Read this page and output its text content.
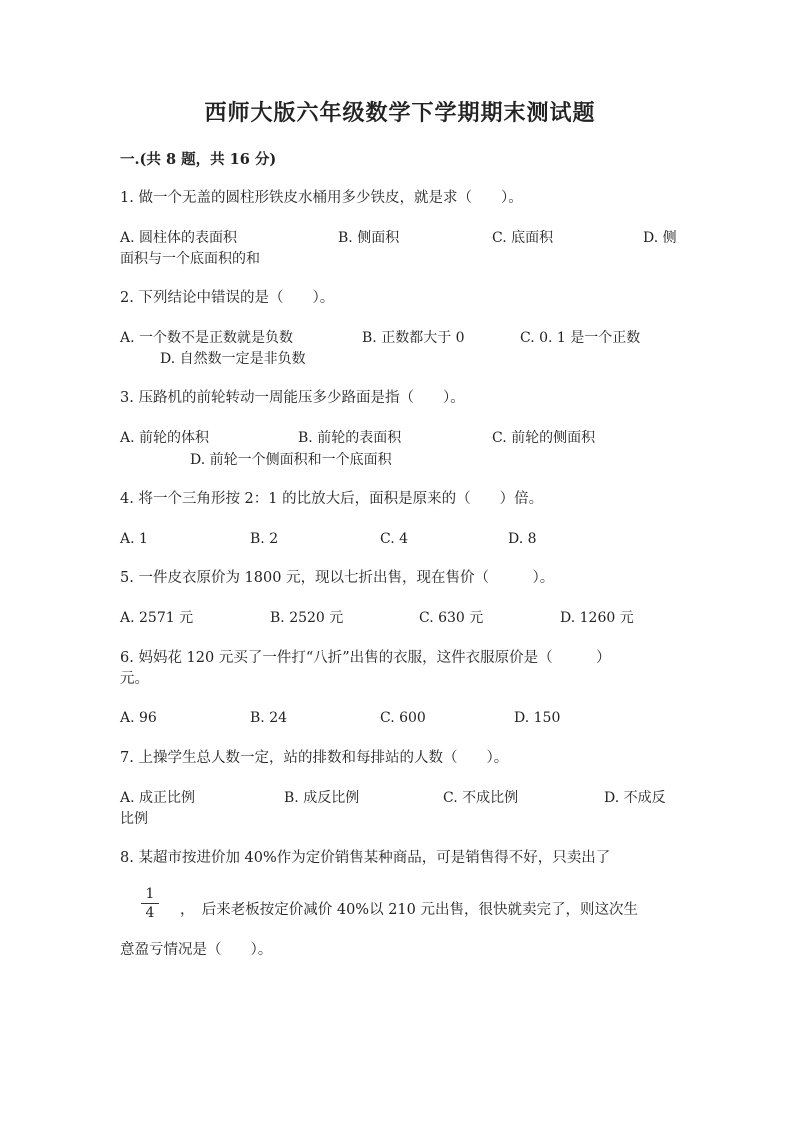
西师大版六年级数学下学期期末测试题
一.(共 8 题，共 16 分)
1. 做一个无盖的圆柱形铁皮水桶用多少铁皮，就是求（　　）。
A. 圆柱体的表面积	B. 侧面积	C. 底面积	D. 侧
面积与一个底面积的和
2. 下列结论中错误的是（　　）。
A. 一个数不是正数就是负数	B. 正数都大于 0	C. 0. 1 是一个正数
D. 自然数一定是非负数
3. 压路机的前轮转动一周能压多少路面是指（　　）。
A. 前轮的体积	B. 前轮的表面积	C. 前轮的侧面积
D. 前轮一个侧面积和一个底面积
4. 将一个三角形按 2：1 的比放大后，面积是原来的（　　）倍。
A. 1	B. 2	C. 4	D. 8
5. 一件皮衣原价为 1800 元，现以七折出售，现在售价（　　　）。
A. 2571 元	B. 2520 元	C. 630 元	D. 1260 元
6. 妈妈花 120 元买了一件打“八折”出售的衣服，这件衣服原价是（　　　）
元。
A. 96	B. 24	C. 600	D. 150
7. 上操学生总人数一定，站的排数和每排站的人数（　　）。
A. 成正比例	B. 成反比例	C. 不成比例	D. 不成反
比例
8. 某超市按进价加 40%作为定价销售某种商品，可是销售得不好，只卖出了
1
4	，　后来老板按定价减价 40%以 210 元出售，很快就卖完了，则这次生
意盈亏情况是（　　）。
